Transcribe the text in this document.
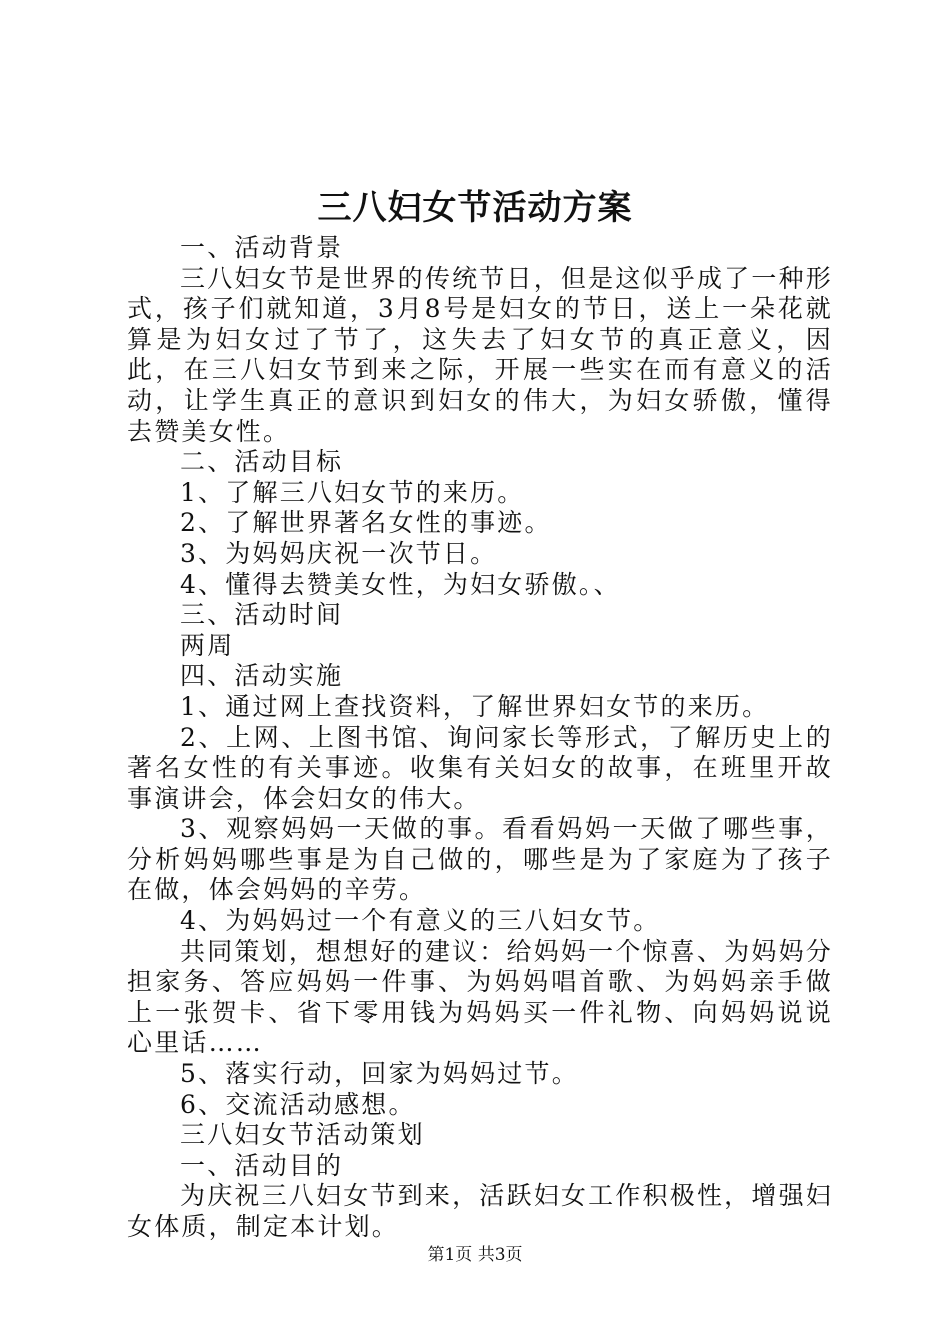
三八妇女节活动方案

一、活动背景

三八妇女节是世界的传统节日，但是这似乎成了一种形式，孩子们就知道，3月8号是妇女的节日，送上一朵花就算是为妇女过了节了，这失去了妇女节的真正意义，因此，在三八妇女节到来之际，开展一些实在而有意义的活动，让学生真正的意识到妇女的伟大，为妇女骄傲，懂得去赞美女性。

二、活动目标

1、了解三八妇女节的来历。

2、了解世界著名女性的事迹。

3、为妈妈庆祝一次节日。

4、懂得去赞美女性，为妇女骄傲。、

三、活动时间

两周

四、活动实施

1、通过网上查找资料，了解世界妇女节的来历。

2、上网、上图书馆、询问家长等形式，了解历史上的著名女性的有关事迹。收集有关妇女的故事，在班里开故事演讲会，体会妇女的伟大。

3、观察妈妈一天做的事。看看妈妈一天做了哪些事，分析妈妈哪些事是为自己做的，哪些是为了家庭为了孩子在做，体会妈妈的辛劳。

4、为妈妈过一个有意义的三八妇女节。

共同策划，想想好的建议：给妈妈一个惊喜、为妈妈分担家务、答应妈妈一件事、为妈妈唱首歌、为妈妈亲手做上一张贺卡、省下零用钱为妈妈买一件礼物、向妈妈说说心里话……

5、落实行动，回家为妈妈过节。

6、交流活动感想。

三八妇女节活动策划

一、活动目的

为庆祝三八妇女节到来，活跃妇女工作积极性，增强妇女体质，制定本计划。

第1页 共3页
